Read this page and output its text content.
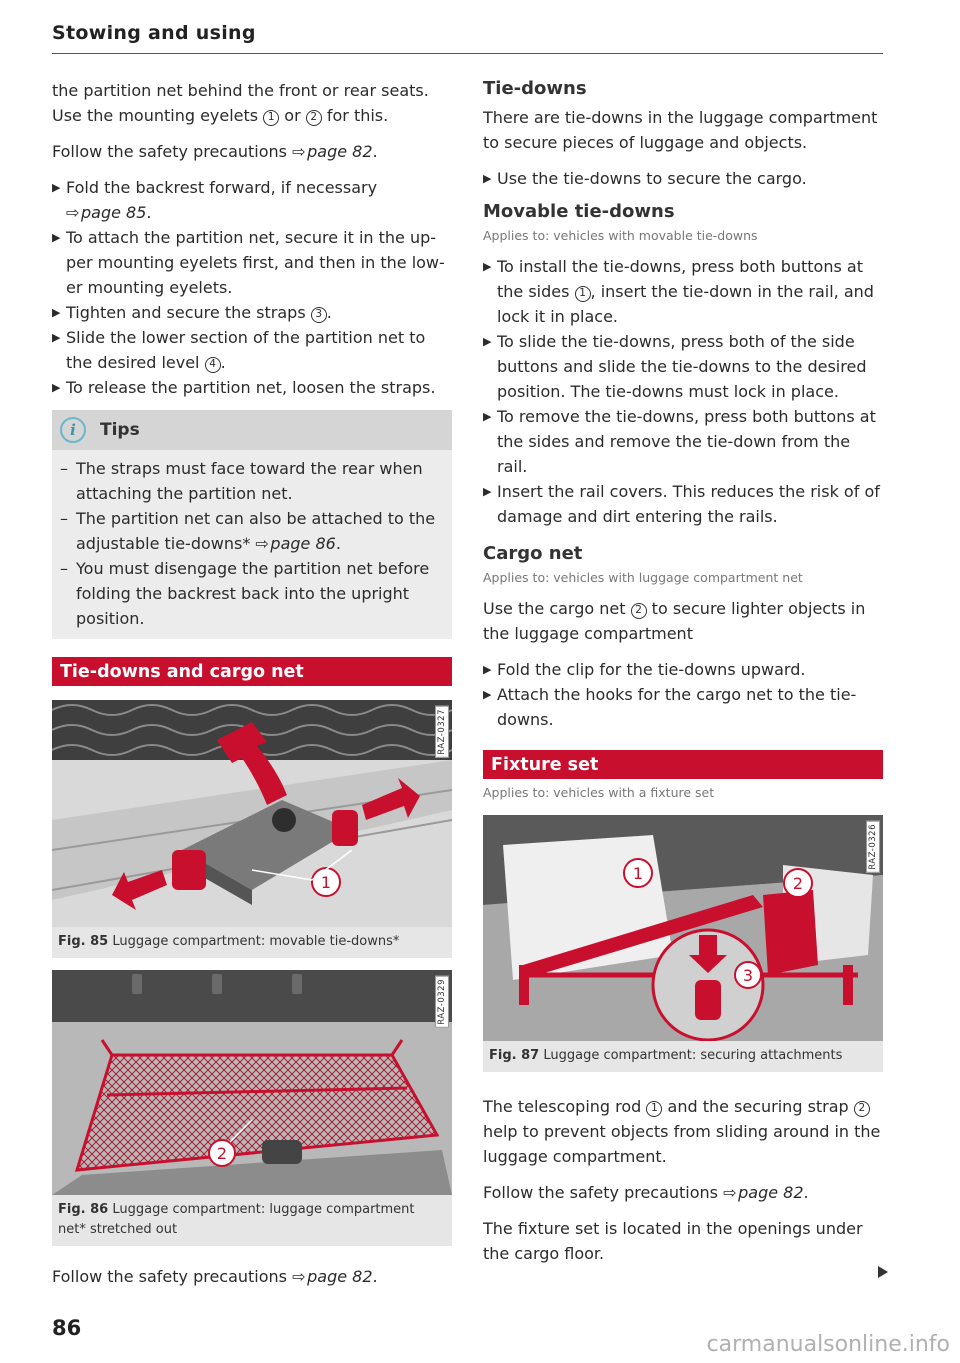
Stowing and using

the partition net behind the front or rear seats.
Use the mounting eyelets 1 or 2 for this.

Follow the safety precautions ⇨ page 82.

▶ Fold the backrest forward, if necessary
⇨ page 85.
▶ To attach the partition net, secure it in the up-per mounting eyelets first, and then in the low-er mounting eyelets.
▶ Tighten and secure the straps 3 .
▶ Slide the lower section of the partition net to the desired level 4 .
▶ To release the partition net, loosen the straps.
i	Tips
– The straps must face toward the rear when attaching the partition net.
– The partition net can also be attached to the adjustable tie-downs* ⇨ page 86.
– You must disengage the partition net before folding the backrest back into the upright position.
Tie-downs and cargo net
1
RAZ-0327
Fig. 85 Luggage compartment: movable tie-downs*
2
RAZ-0329
Fig. 86 Luggage compartment: luggage compartment net* stretched out

Follow the safety precautions ⇨ page 82.

Tie-downs

There are tie-downs in the luggage compartment to secure pieces of luggage and objects.

▶ Use the tie-downs to secure the cargo.
Movable tie-downs
Applies to: vehicles with movable tie-downs
▶ To install the tie-downs, press both buttons at the sides 1 , insert the tie-down in the rail, and lock it in place.
▶ To slide the tie-downs, press both of the side buttons and slide the tie-downs to the desired position. The tie-downs must lock in place.
▶ To remove the tie-downs, press both buttons at the sides and remove the tie-down from the rail.
▶ Insert the rail covers. This reduces the risk of of damage and dirt entering the rails.
Cargo net
Applies to: vehicles with luggage compartment net

Use the cargo net 2 to secure lighter objects in the luggage compartment

▶ Fold the clip for the tie-downs upward.
▶ Attach the hooks for the cargo net to the tie-downs.
Fixture set
Applies to: vehicles with a fixture set
1
2
3
RAZ-0326
Fig. 87 Luggage compartment: securing attachments

The telescoping rod 1 and the securing strap 2 help to prevent objects from sliding around in the luggage compartment.

Follow the safety precautions ⇨ page 82.

The fixture set is located in the openings under the cargo floor.

86
carmanualsonline.info
